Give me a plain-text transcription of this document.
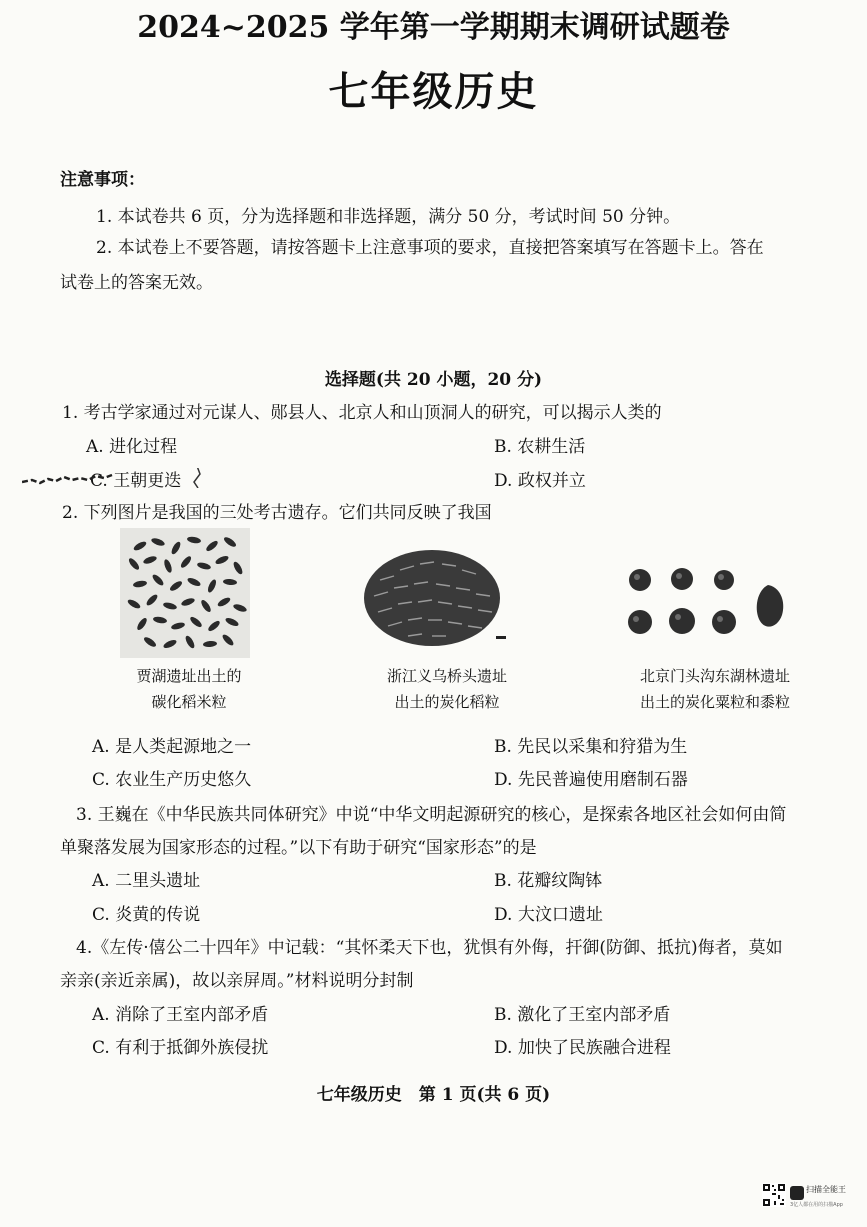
2024~2025 学年第一学期期末调研试题卷
七年级历史
注意事项：
1. 本试卷共 6 页，分为选择题和非选择题，满分 50 分，考试时间 50 分钟。
2. 本试卷上不要答题，请按答题卡上注意事项的要求，直接把答案填写在答题卡上。答在
试卷上的答案无效。
选择题(共 20 小题，20 分)
1. 考古学家通过对元谋人、郧县人、北京人和山顶洞人的研究，可以揭示人类的
A. 进化过程	B. 农耕生活
C. 王朝更迭	D. 政权并立
2. 下列图片是我国的三处考古遗存。它们共同反映了我国
贾湖遗址出土的
碳化稻米粒
浙江义乌桥头遗址
出土的炭化稻粒
北京门头沟东湖林遗址
出土的炭化粟粒和黍粒
A. 是人类起源地之一	B. 先民以采集和狩猎为生
C. 农业生产历史悠久	D. 先民普遍使用磨制石器
3. 王巍在《中华民族共同体研究》中说“中华文明起源研究的核心，是探索各地区社会如何由简
单聚落发展为国家形态的过程。”以下有助于研究“国家形态”的是
A. 二里头遗址	B. 花瓣纹陶钵
C. 炎黄的传说	D. 大汶口遗址
4.《左传·僖公二十四年》中记载：“其怀柔天下也，犹惧有外侮，扞御(防御、抵抗)侮者，莫如
亲亲(亲近亲属)，故以亲屏周。”材料说明分封制
A. 消除了王室内部矛盾	B. 激化了王室内部矛盾
C. 有利于抵御外族侵扰	D. 加快了民族融合进程
七年级历史　第 1 页(共 6 页)
扫描全能王
3亿人都在用的扫描App
